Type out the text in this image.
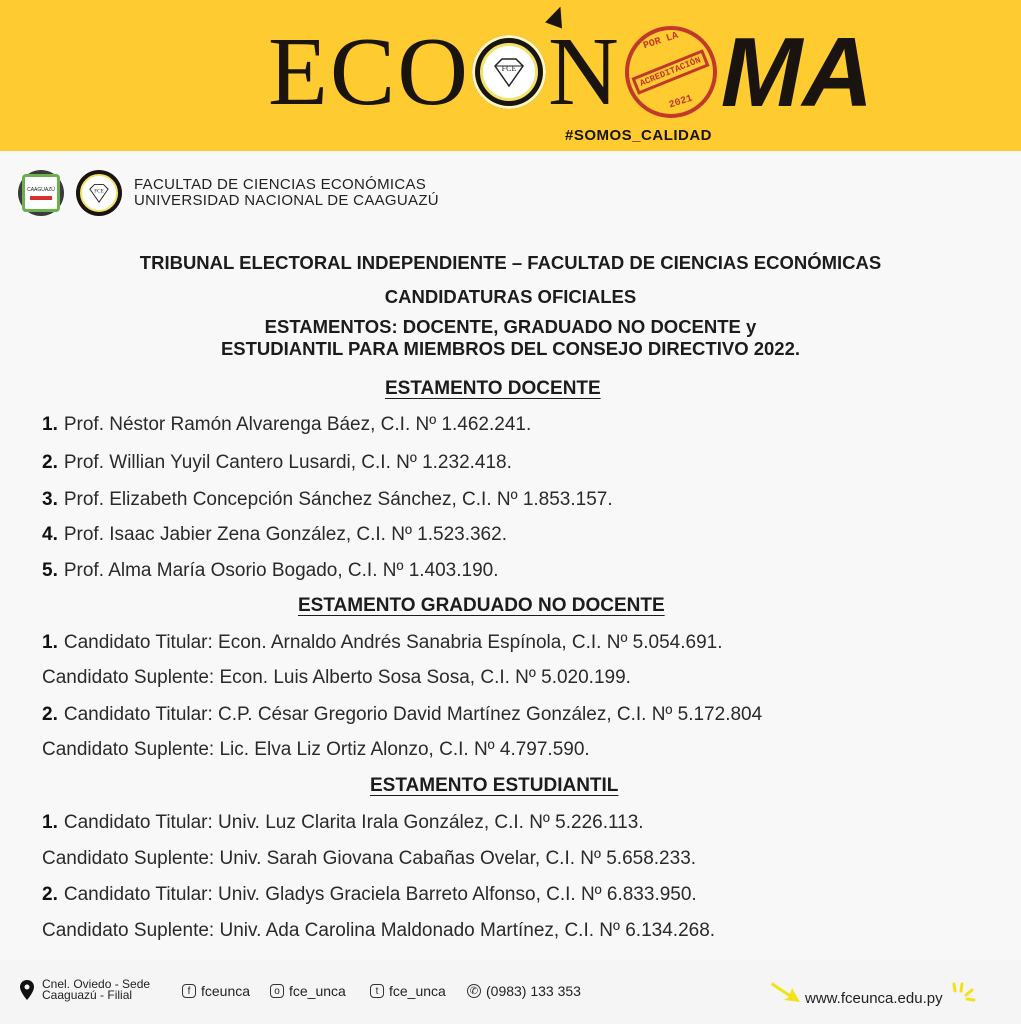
ECO	FCE N POR LA
ACREDITACIÓN
2021 MA
#SOMOS_CALIDAD
CAAGUAZÚ	FCE FACULTAD DE CIENCIAS ECONÓMICAS
UNIVERSIDAD NACIONAL DE CAAGUAZÚ
TRIBUNAL ELECTORAL INDEPENDIENTE – FACULTAD DE CIENCIAS ECONÓMICAS
CANDIDATURAS OFICIALES
ESTAMENTOS: DOCENTE, GRADUADO NO DOCENTE y
ESTUDIANTIL PARA MIEMBROS DEL CONSEJO DIRECTIVO 2022.
ESTAMENTO DOCENTE
1. Prof. Néstor Ramón Alvarenga Báez, C.I. Nº 1.462.241.
2. Prof. Willian Yuyil Cantero Lusardi, C.I. Nº 1.232.418.
3. Prof. Elizabeth Concepción Sánchez Sánchez, C.I. Nº 1.853.157.
4. Prof. Isaac Jabier Zena González, C.I. Nº 1.523.362.
5. Prof. Alma María Osorio Bogado, C.I. Nº 1.403.190.
ESTAMENTO GRADUADO NO DOCENTE
1. Candidato Titular: Econ. Arnaldo Andrés Sanabria Espínola, C.I. Nº 5.054.691.
Candidato Suplente: Econ. Luis Alberto Sosa Sosa, C.I. Nº 5.020.199.
2. Candidato Titular: C.P. César Gregorio David Martínez González, C.I. Nº 5.172.804
Candidato Suplente: Lic. Elva Liz Ortiz Alonzo, C.I. Nº 4.797.590.
ESTAMENTO ESTUDIANTIL
1. Candidato Titular: Univ. Luz Clarita Irala González, C.I. Nº 5.226.113.
Candidato Suplente: Univ. Sarah Giovana Cabañas Ovelar, C.I. Nº 5.658.233.
2. Candidato Titular: Univ. Gladys Graciela Barreto Alfonso, C.I. Nº 6.833.950.
Candidato Suplente: Univ. Ada Carolina Maldonado Martínez, C.I. Nº 6.134.268.
Cnel. Oviedo - Sede
Caaguazú - Filial	f fceunca	o fce_unca	t fce_unca ✆ (0983) 133 353	www.fceunca.edu.py
